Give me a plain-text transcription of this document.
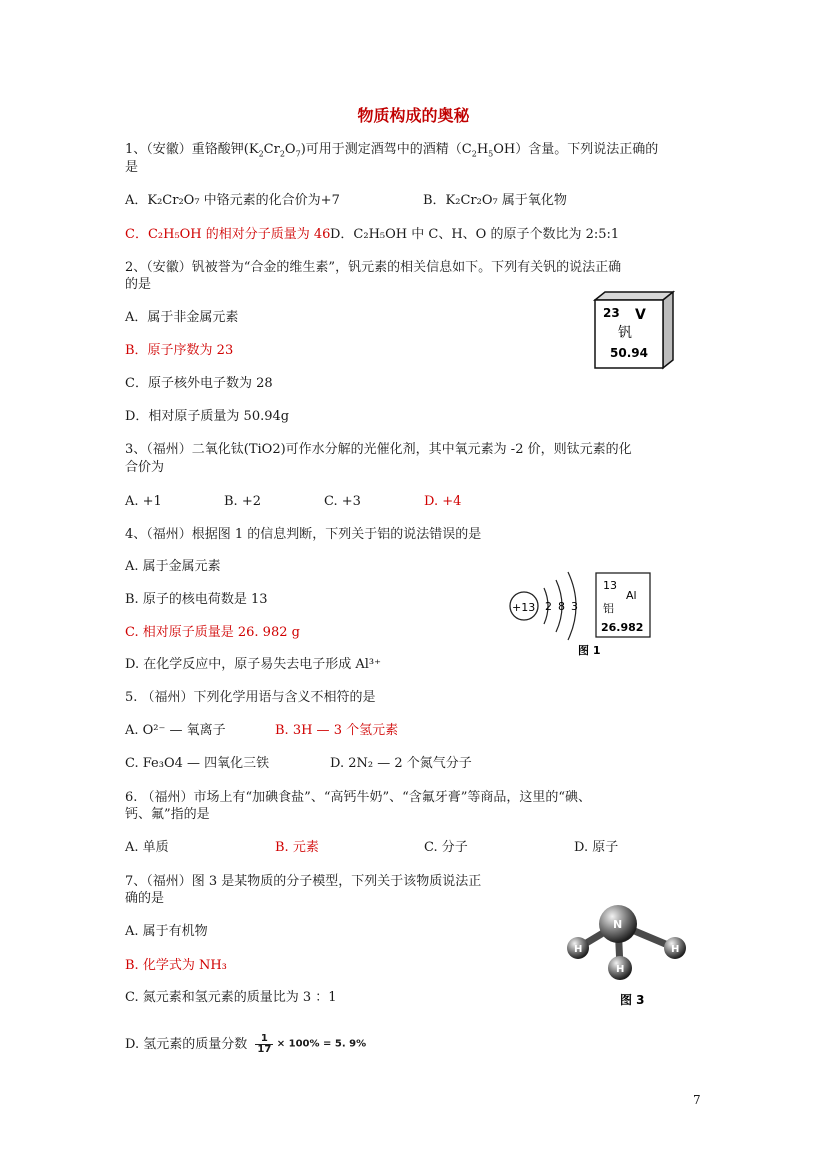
物质构成的奥秘
1、（安徽）重铬酸钾$(K_2Cr_2O_7)$可用于测定酒驾中的酒精$(C_2H_5OH)$含量。下列说法正确的
是
A．K₂Cr₂O₇ 中铬元素的化合价为+7	B．K₂Cr₂O₇ 属于氧化物
C．C₂H₅OH 的相对分子质量为 46 D．C₂H₅OH 中 C、H、O 的原子个数比为 2:5:1
2、（安徽）钒被誉为“合金的维生素”，钒元素的相关信息如下。下列有关钒的说法正确
的是
A．属于非金属元素
B．原子序数为 23
C．原子核外电子数为 28
D．相对原子质量为 50.94g
23 V
钒
50.94
3、（福州）二氧化钛(TiO2)可作水分解的光催化剂，其中氧元素为 -2 价，则钛元素的化
合价为
A. +1	B. +2	C. +3	D. +4
4、（福州）根据图 1 的信息判断，下列关于铝的说法错误的是
A. 属于金属元素
B. 原子的核电荷数是 13
C. 相对原子质量是 26. 982 g
D. 在化学反应中，原子易失去电子形成 Al³⁺
+13 2 8 3
13
Al
铝
26.982
图 1
5. （福州）下列化学用语与含义不相符的是
A. O²⁻ — 氧离子	B. 3H — 3 个氢元素
C. Fe₃O4 — 四氧化三铁	D. 2N₂ — 2 个氮气分子
6. （福州）市场上有“加碘食盐”、“高钙牛奶”、“含氟牙膏”等商品，这里的“碘、
钙、氟”指的是
A. 单质	B. 元素	C. 分子	D. 原子
7、（福州）图 3 是某物质的分子模型，下列关于该物质说法正
确的是
A. 属于有机物
B. 化学式为 NH₃
C. 氮元素和氢元素的质量比为 3 ：1
D. 氢元素的质量分数 $\frac{1}{17} \times 100\% = 5$. 9%
N
H	H
H
图 3
7
